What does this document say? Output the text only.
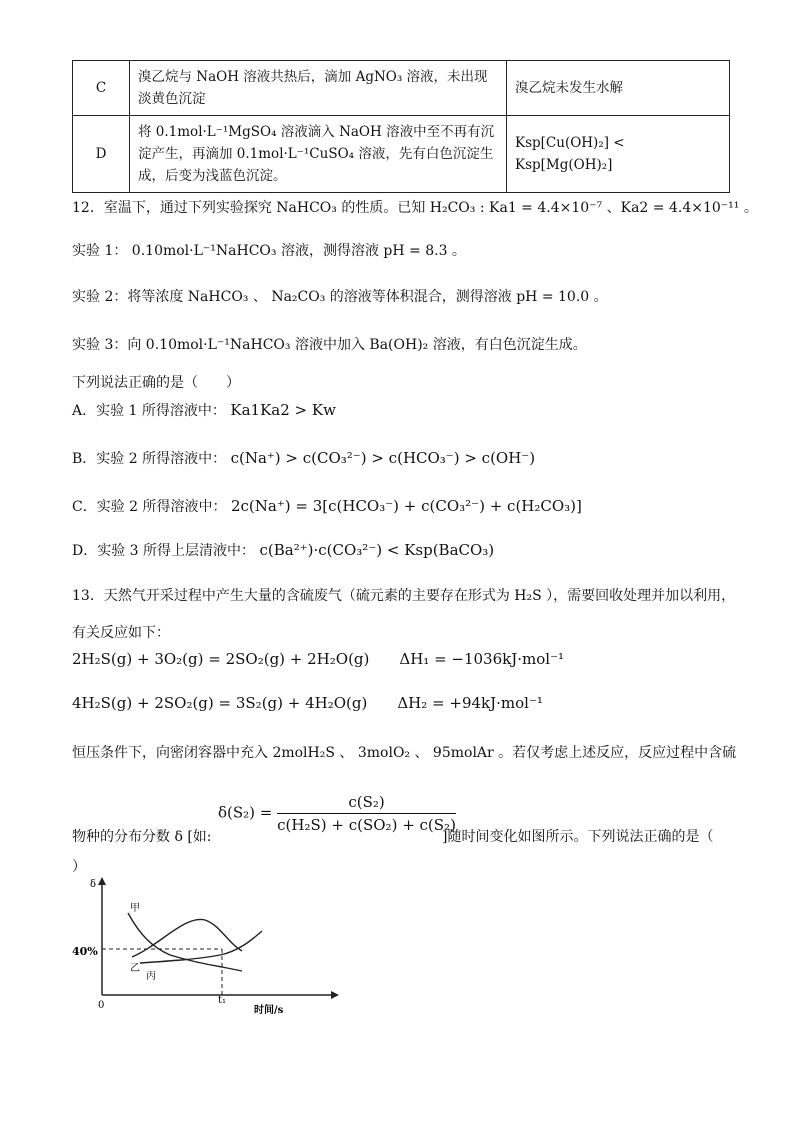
C	溴乙烷与 NaOH 溶液共热后，滴加 AgNO₃ 溶液，未出现淡黄色沉淀	溴乙烷未发生水解
D	将 0.1mol·L⁻¹MgSO₄ 溶液滴入 NaOH 溶液中至不再有沉淀产生，再滴加 0.1mol·L⁻¹CuSO₄ 溶液，先有白色沉淀生成，后变为浅蓝色沉淀。	Ksp[Cu(OH)₂] < Ksp[Mg(OH)₂]
12．室温下，通过下列实验探究 NaHCO₃ 的性质。已知 H₂CO₃ : Ka1 = 4.4×10⁻⁷ 、Ka2 = 4.4×10⁻¹¹ 。
实验 1： 0.10mol·L⁻¹NaHCO₃ 溶液，测得溶液 pH = 8.3 。
实验 2：将等浓度 NaHCO₃ 、 Na₂CO₃ 的溶液等体积混合，测得溶液 pH = 10.0 。
实验 3：向 0.10mol·L⁻¹NaHCO₃ 溶液中加入 Ba(OH)₂ 溶液，有白色沉淀生成。
下列说法正确的是（　　）
A．实验 1 所得溶液中： Ka1Ka2 > Kw
B．实验 2 所得溶液中： c(Na⁺) > c(CO₃²⁻) > c(HCO₃⁻) > c(OH⁻)
C．实验 2 所得溶液中： 2c(Na⁺) = 3[c(HCO₃⁻) + c(CO₃²⁻) + c(H₂CO₃)]
D．实验 3 所得上层清液中： c(Ba²⁺)·c(CO₃²⁻) < Ksp(BaCO₃)
13．天然气开采过程中产生大量的含硫废气（硫元素的主要存在形式为 H₂S ），需要回收处理并加以利用，
有关反应如下：
2H₂S(g) + 3O₂(g) = 2SO₂(g) + 2H₂O(g)　　ΔH₁ = −1036kJ·mol⁻¹
4H₂S(g) + 2SO₂(g) = 3S₂(g) + 4H₂O(g)　　ΔH₂ = +94kJ·mol⁻¹
恒压条件下，向密闭容器中充入 2molH₂S 、 3molO₂ 、 95molAr 。若仅考虑上述反应，反应过程中含硫
$\delta(S_2) = \frac{\text{c(S₂)}}{\text{c(H₂S) + c(SO₂) + c(S₂)}}$
物种的分布分数 δ [如:	]随时间变化如图所示。下列说法正确的是（
）
δ
40%
0	t₁
时间/s
甲
乙
丙
